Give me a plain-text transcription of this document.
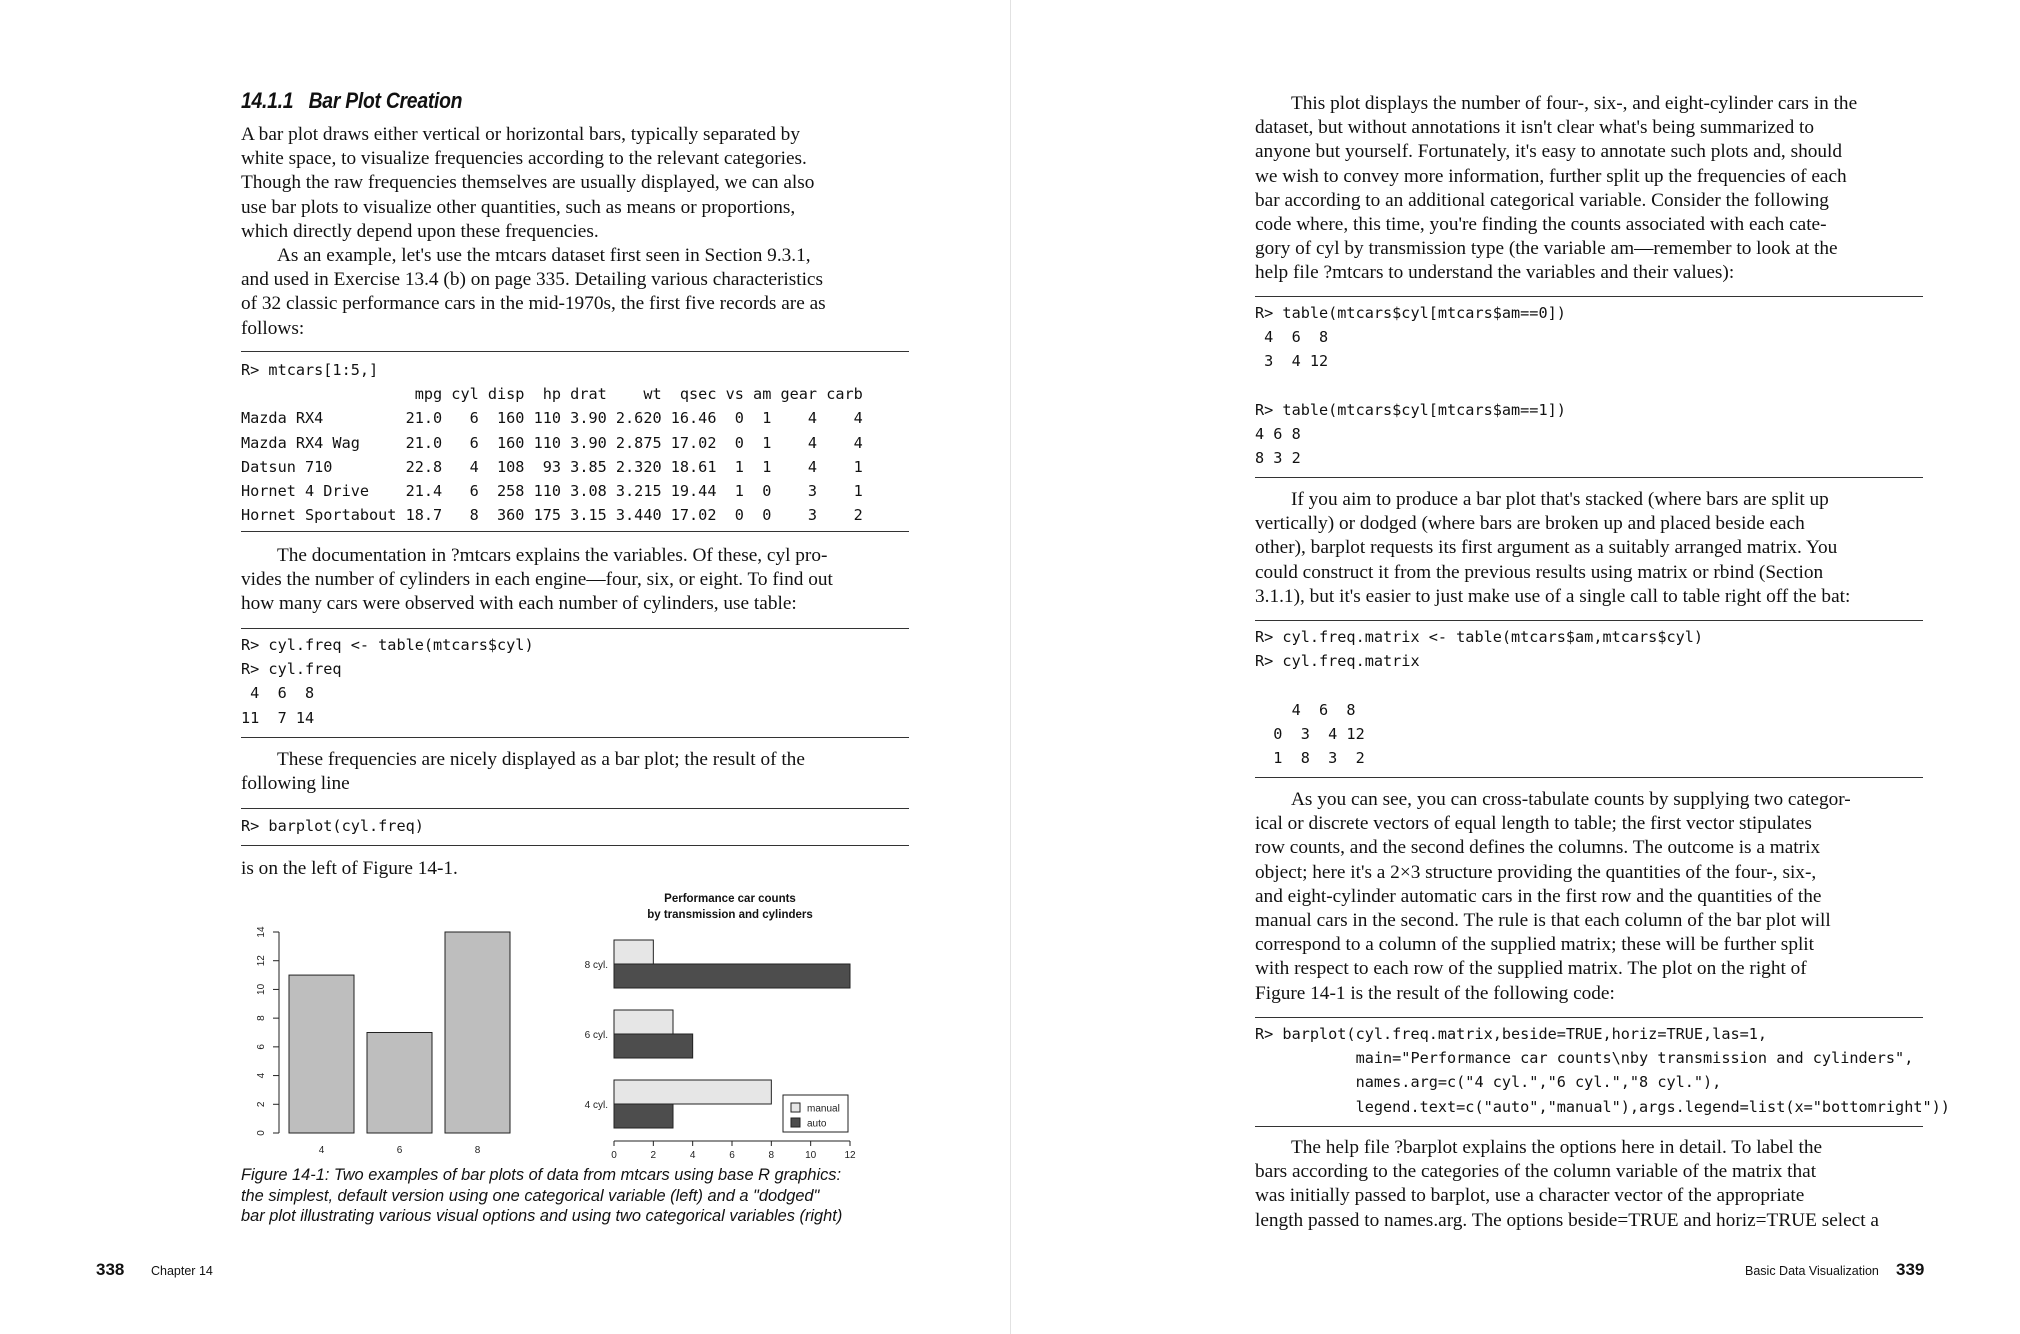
14.1.1 Bar Plot Creation
A bar plot draws either vertical or horizontal bars, typically separated by
white space, to visualize frequencies according to the relevant categories.
Though the raw frequencies themselves are usually displayed, we can also
use bar plots to visualize other quantities, such as means or proportions,
which directly depend upon these frequencies.
As an example, let's use the mtcars dataset first seen in Section 9.3.1,
and used in Exercise 13.4 (b) on page 335. Detailing various characteristics
of 32 classic performance cars in the mid-1970s, the first five records are as
follows:
R> mtcars[1:5,]
mpg cyl disp  hp drat    wt  qsec vs am gear carb
Mazda RX4         21.0   6  160 110 3.90 2.620 16.46  0  1    4    4
Mazda RX4 Wag     21.0   6  160 110 3.90 2.875 17.02  0  1    4    4
Datsun 710        22.8   4  108  93 3.85 2.320 18.61  1  1    4    1
Hornet 4 Drive    21.4   6  258 110 3.08 3.215 19.44  1  0    3    1
Hornet Sportabout 18.7   8  360 175 3.15 3.440 17.02  0  0    3    2
The documentation in ?mtcars explains the variables. Of these, cyl pro-
vides the number of cylinders in each engine—four, six, or eight. To find out
how many cars were observed with each number of cylinders, use table:
R> cyl.freq <- table(mtcars$cyl)
R> cyl.freq
4  6  8
11  7 14
These frequencies are nicely displayed as a bar plot; the result of the
following line
R> barplot(cyl.freq)
is on the left of Figure 14-1.
0
2
4
6
8
10
12
14
4	6	8
Performance car counts
by transmission and cylinders
4 cyl.
6 cyl.
8 cyl.
0	2	4	6	8	10	12
manual
auto
Figure 14-1: Two examples of bar plots of data from mtcars using base R graphics:
the simplest, default version using one categorical variable (left) and a "dodged"
bar plot illustrating various visual options and using two categorical variables (right)
338 Chapter 14
This plot displays the number of four-, six-, and eight-cylinder cars in the
dataset, but without annotations it isn't clear what's being summarized to
anyone but yourself. Fortunately, it's easy to annotate such plots and, should
we wish to convey more information, further split up the frequencies of each
bar according to an additional categorical variable. Consider the following
code where, this time, you're finding the counts associated with each cate-
gory of cyl by transmission type (the variable am—remember to look at the
help file ?mtcars to understand the variables and their values):
R> table(mtcars$cyl[mtcars$am==0])
4  6  8
3  4 12

R> table(mtcars$cyl[mtcars$am==1])
4 6 8
8 3 2
If you aim to produce a bar plot that's stacked (where bars are split up
vertically) or dodged (where bars are broken up and placed beside each
other), barplot requests its first argument as a suitably arranged matrix. You
could construct it from the previous results using matrix or rbind (Section
3.1.1), but it's easier to just make use of a single call to table right off the bat:
R> cyl.freq.matrix <- table(mtcars$am,mtcars$cyl)
R> cyl.freq.matrix

4  6  8
0  3  4 12
1  8  3  2
As you can see, you can cross-tabulate counts by supplying two categor-
ical or discrete vectors of equal length to table; the first vector stipulates
row counts, and the second defines the columns. The outcome is a matrix
object; here it's a 2×3 structure providing the quantities of the four-, six-,
and eight-cylinder automatic cars in the first row and the quantities of the
manual cars in the second. The rule is that each column of the bar plot will
correspond to a column of the supplied matrix; these will be further split
with respect to each row of the supplied matrix. The plot on the right of
Figure 14-1 is the result of the following code:
R> barplot(cyl.freq.matrix,beside=TRUE,horiz=TRUE,las=1,
main="Performance car counts\nby transmission and cylinders",
names.arg=c("4 cyl.","6 cyl.","8 cyl."),
legend.text=c("auto","manual"),args.legend=list(x="bottomright"))
The help file ?barplot explains the options here in detail. To label the
bars according to the categories of the column variable of the matrix that
was initially passed to barplot, use a character vector of the appropriate
length passed to names.arg. The options beside=TRUE and horiz=TRUE select a
Basic Data Visualization 339
